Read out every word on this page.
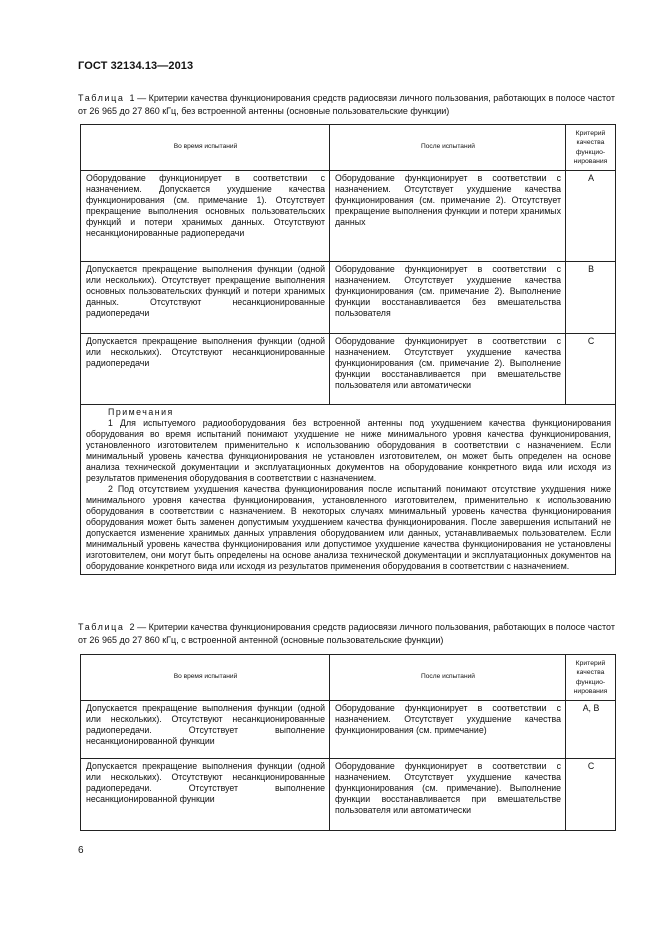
ГОСТ 32134.13—2013
Таблица 1 — Критерии качества функционирования средств радиосвязи личного пользования, работающих в полосе частот от 26 965 до 27 860 кГц, без встроенной антенны (основные пользовательские функции)
Во время испытаний	После испытаний	Критерий качества функцио-нирования
Оборудование функционирует в соответствии с назначением. Допускается ухудшение качества функционирования (см. примечание 1). Отсутствует прекращение выполнения основных пользовательских функций и потери хранимых данных. Отсутствуют несанкционированные радиопередачи	Оборудование функционирует в соответствии с назначением. Отсутствует ухудшение качества функционирования (см. примечание 2). Отсутствует прекращение выполнения функции и потери хранимых данных	А
Допускается прекращение выполнения функции (одной или нескольких). Отсутствует прекращение выполнения основных пользовательских функций и потери хранимых данных. Отсутствуют несанкционированные радиопередачи	Оборудование функционирует в соответствии с назначением. Отсутствует ухудшение качества функционирования (см. примечание 2). Выполнение функции восстанавливается без вмешательства пользователя	В
Допускается прекращение выполнения функции (одной или нескольких). Отсутствуют несанкционированные радиопередачи	Оборудование функционирует в соответствии с назначением. Отсутствует ухудшение качества функционирования (см. примечание 2). Выполнение функции восстанавливается при вмешательстве пользователя или автоматически	С

Примечания
1 Для испытуемого радиооборудования без встроенной антенны под ухудшением качества функционирования оборудования во время испытаний понимают ухудшение не ниже минимального уровня качества функционирования, установленного изготовителем применительно к использованию оборудования в соответствии с назначением. Если минимальный уровень качества функционирования не установлен изготовителем, он может быть определен на основе анализа технической документации и эксплуатационных документов на оборудование конкретного вида или исходя из результатов применения оборудования в соответствии с назначением.
2 Под отсутствием ухудшения качества функционирования после испытаний понимают отсутствие ухудшения ниже минимального уровня качества функционирования, установленного изготовителем, применительно к использованию оборудования в соответствии с назначением. В некоторых случаях минимальный уровень качества функционирования оборудования может быть заменен допустимым ухудшением качества функционирования. После завершения испытаний не допускается изменение хранимых данных управления оборудованием или данных, устанавливаемых пользователем. Если минимальный уровень качества функционирования или допустимое ухудшение качества функционирования не установлены изготовителем, они могут быть определены на основе анализа технической документации и эксплуатационных документов на оборудование конкретного вида или исходя из результатов применения оборудования в соответствии с назначением.		
Таблица 2 — Критерии качества функционирования средств радиосвязи личного пользования, работающих в полосе частот от 26 965 до 27 860 кГц, с встроенной антенной (основные пользовательские функции)
Во время испытаний	После испытаний	Критерий качества функцио-нирования
Допускается прекращение выполнения функции (одной или нескольких). Отсутствуют несанкционированные радиопередачи. Отсутствует выполнение несанкционированной функции	Оборудование функционирует в соответствии с назначением. Отсутствует ухудшение качества функционирования (см. примечание)	А, В
Допускается прекращение выполнения функции (одной или нескольких). Отсутствуют несанкционированные радиопередачи. Отсутствует выполнение несанкционированной функции	Оборудование функционирует в соответствии с назначением. Отсутствует ухудшение качества функционирования (см. примечание). Выполнение функции восстанавливается при вмешательстве пользователя или автоматически	С
6
